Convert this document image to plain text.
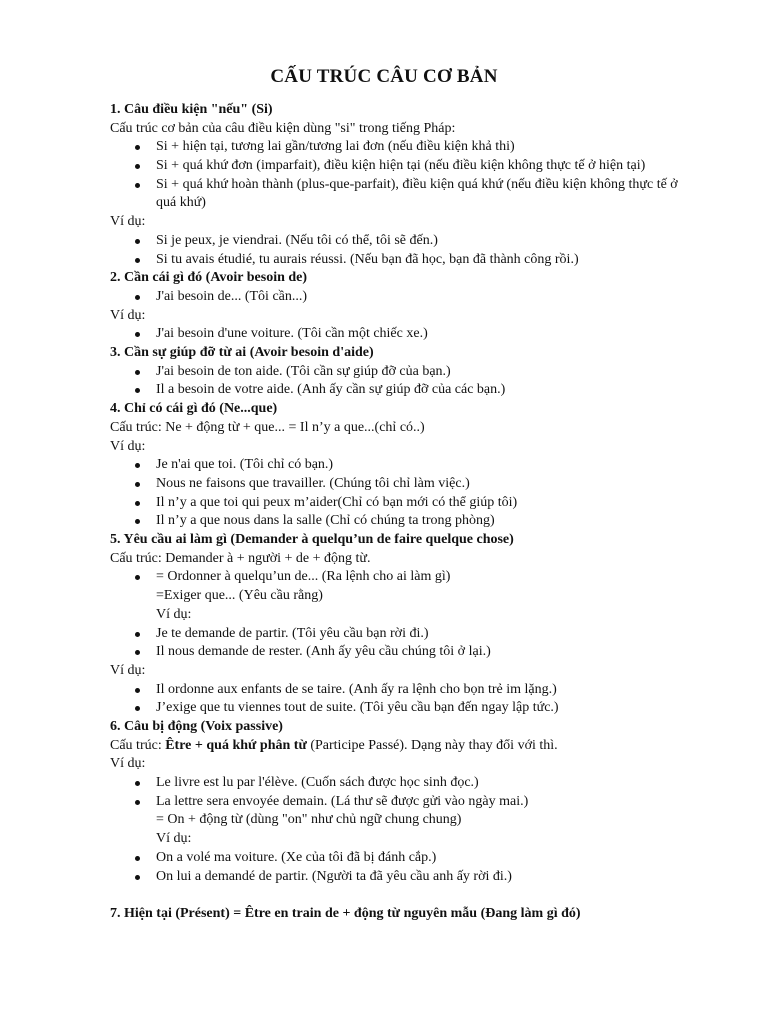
CẤU TRÚC CÂU CƠ BẢN
1. Câu điều kiện "nếu" (Si)
Cấu trúc cơ bản của câu điều kiện dùng "si" trong tiếng Pháp:
Si + hiện tại, tương lai gần/tương lai đơn (nếu điều kiện khả thi)
Si + quá khứ đơn (imparfait), điều kiện hiện tại (nếu điều kiện không thực tế ở hiện tại)
Si + quá khứ hoàn thành (plus-que-parfait), điều kiện quá khứ (nếu điều kiện không thực tế ở quá khứ)
Ví dụ:
Si je peux, je viendrai. (Nếu tôi có thể, tôi sẽ đến.)
Si tu avais étudié, tu aurais réussi. (Nếu bạn đã học, bạn đã thành công rồi.)
2. Cần cái gì đó (Avoir besoin de)
J'ai besoin de... (Tôi cần...)
Ví dụ:
J'ai besoin d'une voiture. (Tôi cần một chiếc xe.)
3. Cần sự giúp đỡ từ ai (Avoir besoin d'aide)
J'ai besoin de ton aide. (Tôi cần sự giúp đỡ của bạn.)
Il a besoin de votre aide. (Anh ấy cần sự giúp đỡ của các bạn.)
4. Chỉ có cái gì đó (Ne...que)
Cấu trúc: Ne + động từ + que... = Il n’y a que...(chỉ có..)
Ví dụ:
Je n'ai que toi. (Tôi chỉ có bạn.)
Nous ne faisons que travailler. (Chúng tôi chỉ làm việc.)
Il n’y a que toi qui peux m’aider(Chỉ có bạn mới có thể giúp tôi)
Il n’y a que nous dans la salle (Chỉ có chúng ta trong phòng)
5. Yêu cầu ai làm gì (Demander à quelqu’un de faire quelque chose)
Cấu trúc: Demander à + người + de + động từ.
= Ordonner à quelqu’un de... (Ra lệnh cho ai làm gì)
=Exiger que... (Yêu cầu rằng)
Ví dụ:
Je te demande de partir. (Tôi yêu cầu bạn rời đi.)
Il nous demande de rester. (Anh ấy yêu cầu chúng tôi ở lại.)
Ví dụ:
Il ordonne aux enfants de se taire. (Anh ấy ra lệnh cho bọn trẻ im lặng.)
J’exige que tu viennes tout de suite. (Tôi yêu cầu bạn đến ngay lập tức.)
6. Câu bị động (Voix passive)
Cấu trúc: Être + quá khứ phân từ (Participe Passé). Dạng này thay đổi với thì.
Ví dụ:
Le livre est lu par l'élève. (Cuốn sách được học sinh đọc.)
La lettre sera envoyée demain. (Lá thư sẽ được gửi vào ngày mai.)
= On + động từ (dùng "on" như chủ ngữ chung chung)
Ví dụ:
On a volé ma voiture. (Xe của tôi đã bị đánh cắp.)
On lui a demandé de partir. (Người ta đã yêu cầu anh ấy rời đi.)
7. Hiện tại (Présent) = Être en train de + động từ nguyên mẫu (Đang làm gì đó)
